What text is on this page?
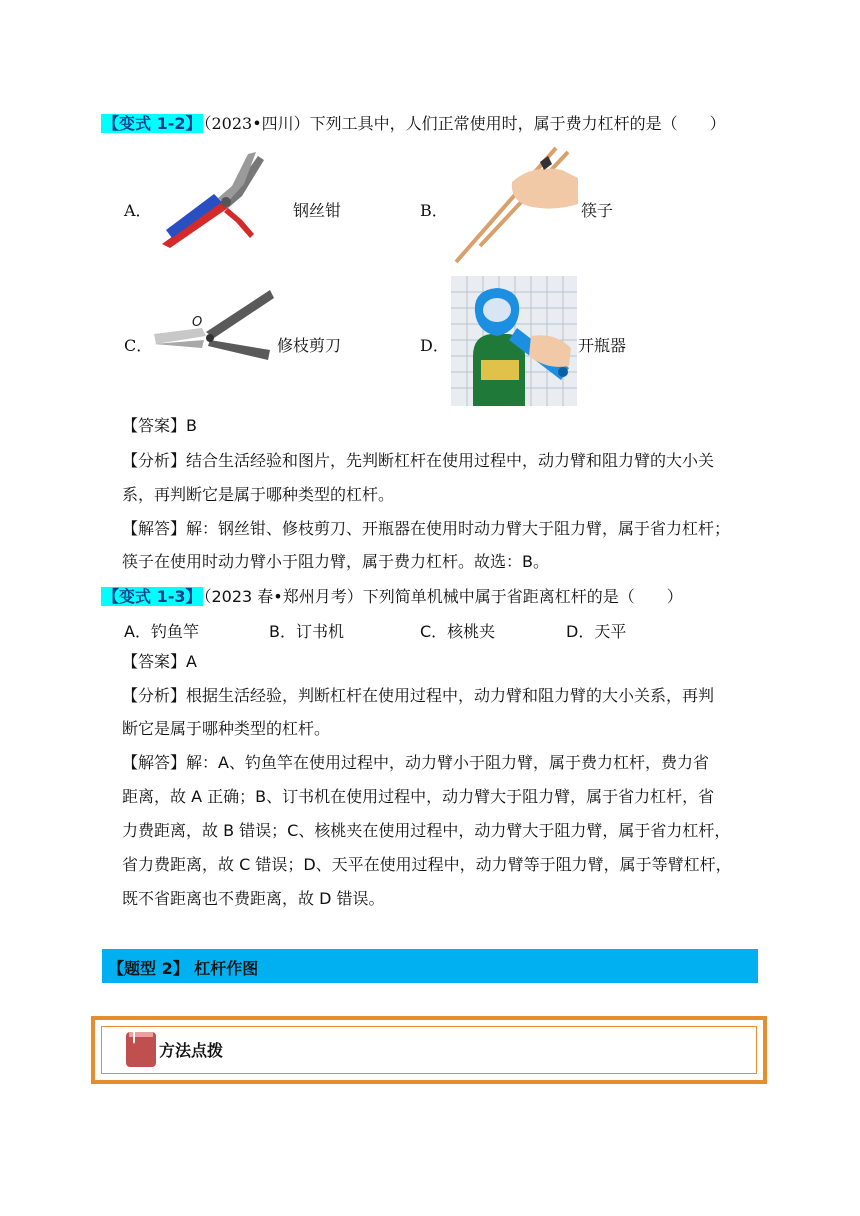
【变式 1-2】 （2023•四川）下列工具中，人们正常使用时，属于费力杠杆的是（　　）
A．	钢丝钳	B．	筷子
C．
O
修枝剪刀	D．	开瓶器
【答案】B
【分析】结合生活经验和图片，先判断杠杆在使用过程中，动力臂和阻力臂的大小关
系，再判断它是属于哪种类型的杠杆。
【解答】解：钢丝钳、修枝剪刀、开瓶器在使用时动力臂大于阻力臂，属于省力杠杆；
筷子在使用时动力臂小于阻力臂，属于费力杠杆。故选：B。
【变式 1-3】 （2023 春•郑州月考）下列简单机械中属于省距离杠杆的是（　　）
A．钓鱼竿	B．订书机	C．核桃夹	D．天平
【答案】A
【分析】根据生活经验，判断杠杆在使用过程中，动力臂和阻力臂的大小关系，再判
断它是属于哪种类型的杠杆。
【解答】解：A、钓鱼竿在使用过程中，动力臂小于阻力臂，属于费力杠杆，费力省
距离，故 A 正确；B、订书机在使用过程中，动力臂大于阻力臂，属于省力杠杆，省
力费距离，故 B 错误；C、核桃夹在使用过程中，动力臂大于阻力臂，属于省力杠杆，
省力费距离，故 C 错误；D、天平在使用过程中，动力臂等于阻力臂，属于等臂杠杆，
既不省距离也不费距离，故 D 错误。
【题型 2】 杠杆作图
方法点拨
